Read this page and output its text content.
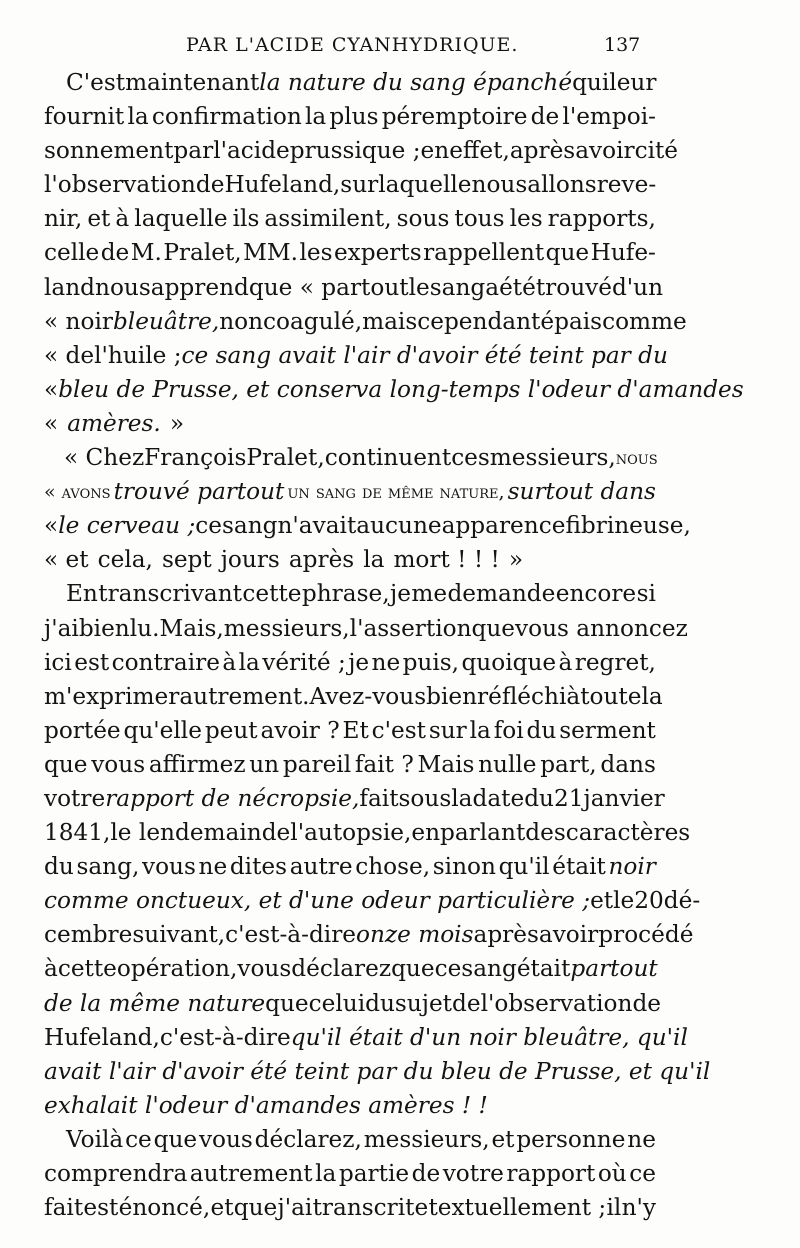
PAR L'ACIDE CYANHYDRIQUE.	137
C'est maintenant la nature du sang épanché qui leur
fournit la confirmation la plus péremptoire de l'empoi-
sonnement par l'acide prussique ; en effet, après avoir cité
l'observation de Hufeland, sur laquelle nous allons reve-
nir, et à laquelle ils assimilent, sous tous les rapports,
celle de M. Pralet, MM. les experts rappellent que Hufe-
land nous apprend que « partout le sang a été trouvé d'un
« noir bleuâtre, non coagulé, mais cependant épais comme
« de l'huile ; ce sang avait l'air d'avoir été teint par du
« bleu de Prusse, et conserva long-temps l'odeur d'amandes
« amères. »
« Chez François Pralet, continuent ces messieurs, nous
« avons trouvé partout un sang de même nature, surtout dans
« le cerveau ; ce sang n'avait aucune apparence fibrineuse,
« et cela, sept jours après la mort ! ! ! »
En transcrivant cette phrase, je me demande encore si
j'ai bien lu. Mais, messieurs, l'assertion que vous annoncez
ici est contraire à la vérité ; je ne puis, quoique à regret,
m'exprimer autrement. Avez-vous bien réfléchi à toute la
portée qu'elle peut avoir ? Et c'est sur la foi du serment
que vous affirmez un pareil fait ? Mais nulle part, dans
votre rapport de nécropsie, fait sous la date du 21 janvier
1841, le lendemain de l'autopsie, en parlant des caractères
du sang, vous ne dites autre chose, sinon qu'il était noir
comme onctueux, et d'une odeur particulière ; et le 20 dé-
cembre suivant, c'est-à-dire onze mois après avoir procédé
à cette opération, vous déclarez que ce sang était partout
de la même nature que celui du sujet de l'observation de
Hufeland, c'est-à-dire qu'il était d'un noir bleuâtre, qu'il
avait l'air d'avoir été teint par du bleu de Prusse, et qu'il
exhalait l'odeur d'amandes amères ! !
Voilà ce que vous déclarez, messieurs, et personne ne
comprendra autrement la partie de votre rapport où ce
fait est énoncé, et que j'ai transcrite textuellement ; il n'y
